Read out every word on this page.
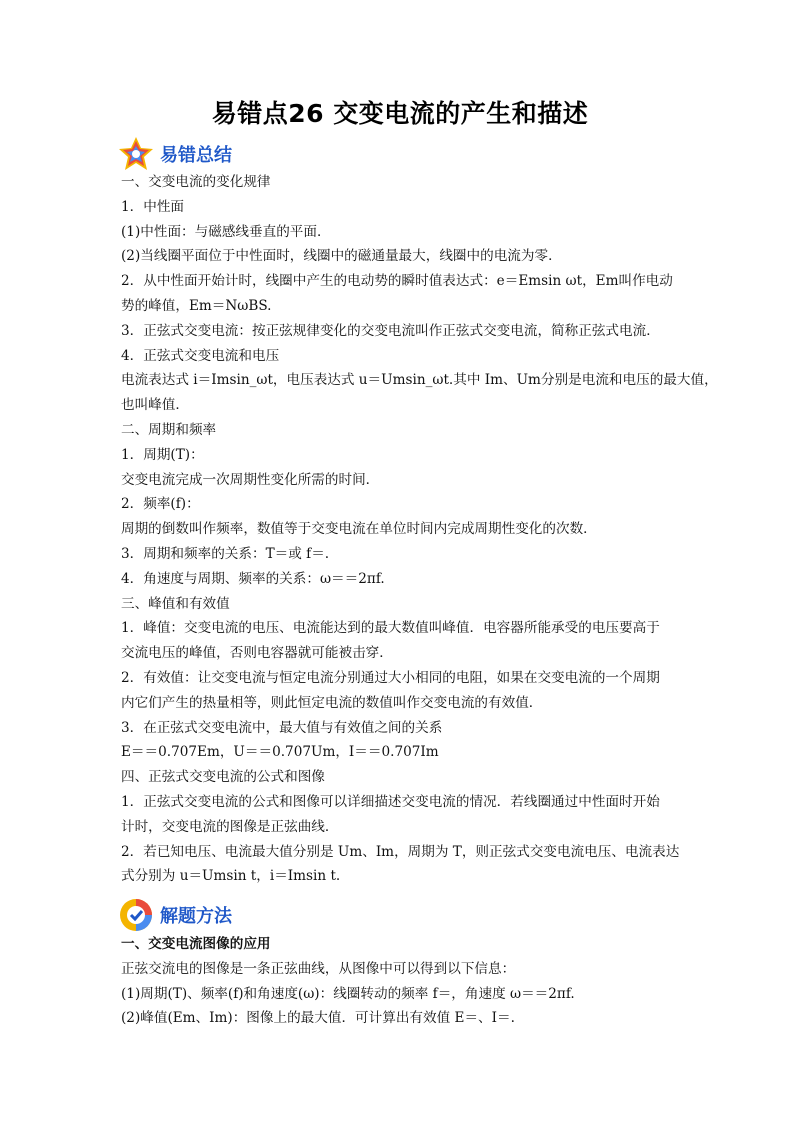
易错点26 交变电流的产生和描述
易错总结

一、交变电流的变化规律

1．中性面

(1)中性面：与磁感线垂直的平面．

(2)当线圈平面位于中性面时，线圈中的磁通量最大，线圈中的电流为零．

2．从中性面开始计时，线圈中产生的电动势的瞬时值表达式：e＝Emsin ωt，Em叫作电动

势的峰值，Em＝NωBS.

3．正弦式交变电流：按正弦规律变化的交变电流叫作正弦式交变电流，简称正弦式电流．

4．正弦式交变电流和电压

电流表达式 i＝Imsin_ωt，电压表达式 u＝Umsin_ωt.其中 Im、Um分别是电流和电压的最大值，

也叫峰值．

二、周期和频率

1．周期(T)：

交变电流完成一次周期性变化所需的时间．

2．频率(f)：

周期的倒数叫作频率，数值等于交变电流在单位时间内完成周期性变化的次数．

3．周期和频率的关系：T＝或 f＝.

4．角速度与周期、频率的关系：ω＝＝2πf.

三、峰值和有效值

1．峰值：交变电流的电压、电流能达到的最大数值叫峰值．电容器所能承受的电压要高于

交流电压的峰值，否则电容器就可能被击穿．

2．有效值：让交变电流与恒定电流分别通过大小相同的电阻，如果在交变电流的一个周期

内它们产生的热量相等，则此恒定电流的数值叫作交变电流的有效值．

3．在正弦式交变电流中，最大值与有效值之间的关系

E＝＝0.707Em，U＝＝0.707Um，I＝＝0.707Im

四、正弦式交变电流的公式和图像

1．正弦式交变电流的公式和图像可以详细描述交变电流的情况．若线圈通过中性面时开始

计时，交变电流的图像是正弦曲线．

2．若已知电压、电流最大值分别是 Um、Im，周期为 T，则正弦式交变电流电压、电流表达

式分别为 u＝Umsin t，i＝Imsin t.

解题方法

一、交变电流图像的应用

正弦交流电的图像是一条正弦曲线，从图像中可以得到以下信息：

(1)周期(T)、频率(f)和角速度(ω)：线圈转动的频率 f＝，角速度 ω＝＝2πf.

(2)峰值(Em、Im)：图像上的最大值．可计算出有效值 E＝、I＝.
